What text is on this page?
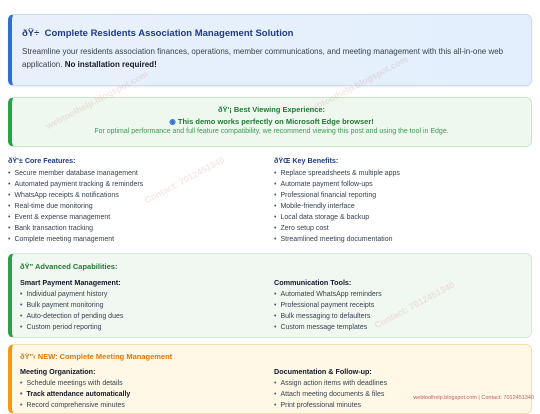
ðŸ÷ Complete Residents Association Management Solution
Streamline your residents association finances, operations, member communications, and meeting management with this all-in-one web application. No installation required!
ðŸ'¡ Best Viewing Experience:
◉ This demo works perfectly on Microsoft Edge browser!
For optimal performance and full feature compatibility, we recommend viewing this post and using the tool in Edge.
ðŸ'± Core Features:
• Secure member database management
• Automated payment tracking & reminders
• WhatsApp receipts & notifications
• Real-time due monitoring
• Event & expense management
• Bank transaction tracking
• Complete meeting management
ðŸŒ Key Benefits:
• Replace spreadsheets & multiple apps
• Automate payment follow-ups
• Professional financial reporting
• Mobile-friendly interface
• Local data storage & backup
• Zero setup cost
• Streamlined meeting documentation
ðŸ" Advanced Capabilities:
Smart Payment Management:
• Individual payment history
• Bulk payment monitoring
• Auto-detection of pending dues
• Custom period reporting
Communication Tools:
• Automated WhatsApp reminders
• Professional payment receipts
• Bulk messaging to defaulters
• Custom message templates
ðŸ"‹ NEW: Complete Meeting Management
Meeting Organization:
• Schedule meetings with details
• Track attendance automatically
• Record comprehensive minutes
Documentation & Follow-up:
• Assign action items with deadlines
• Attach meeting documents & files
• Print professional minutes
Contact: 7012451340
webtoolhelp.blogspot.com | Contact: 7012451340
